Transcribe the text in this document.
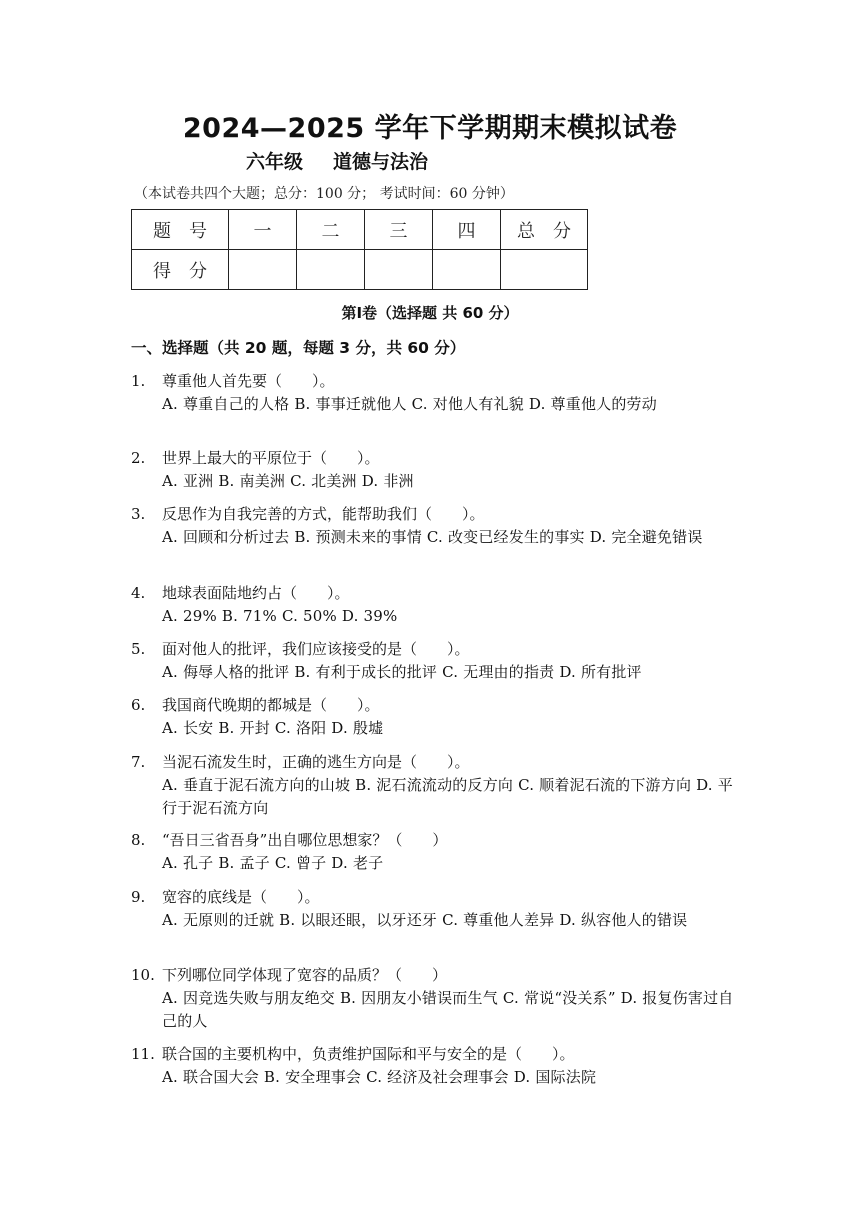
2024—2025 学年下学期期末模拟试卷
六年级 道德与法治
（本试卷共四个大题；总分：100 分； 考试时间：60 分钟）
题　号	一	二	三	四	总　分
得　分					
第Ⅰ卷（选择题 共 60 分）
一、选择题（共 20 题，每题 3 分，共 60 分）
1. 尊重他人首先要（　　）。
A. 尊重自己的人格 B. 事事迁就他人 C. 对他人有礼貌 D. 尊重他人的劳动
2. 世界上最大的平原位于（　　）。
A. 亚洲 B. 南美洲 C. 北美洲 D. 非洲
3. 反思作为自我完善的方式，能帮助我们（　　）。
A. 回顾和分析过去 B. 预测未来的事情 C. 改变已经发生的事实 D. 完全避免错误
4. 地球表面陆地约占（　　）。
A. 29% B. 71% C. 50% D. 39%
5. 面对他人的批评，我们应该接受的是（　　）。
A. 侮辱人格的批评 B. 有利于成长的批评 C. 无理由的指责 D. 所有批评
6. 我国商代晚期的都城是（　　）。
A. 长安 B. 开封 C. 洛阳 D. 殷墟
7. 当泥石流发生时，正确的逃生方向是（　　）。
A. 垂直于泥石流方向的山坡 B. 泥石流流动的反方向 C. 顺着泥石流的下游方向 D. 平行于泥石流方向
8. “吾日三省吾身”出自哪位思想家？（　　）
A. 孔子 B. 孟子 C. 曾子 D. 老子
9. 宽容的底线是（　　）。
A. 无原则的迁就 B. 以眼还眼，以牙还牙 C. 尊重他人差异 D. 纵容他人的错误
10. 下列哪位同学体现了宽容的品质？（　　）
A. 因竞选失败与朋友绝交 B. 因朋友小错误而生气 C. 常说“没关系” D. 报复伤害过自己的人
11. 联合国的主要机构中，负责维护国际和平与安全的是（　　）。
A. 联合国大会 B. 安全理事会 C. 经济及社会理事会 D. 国际法院
